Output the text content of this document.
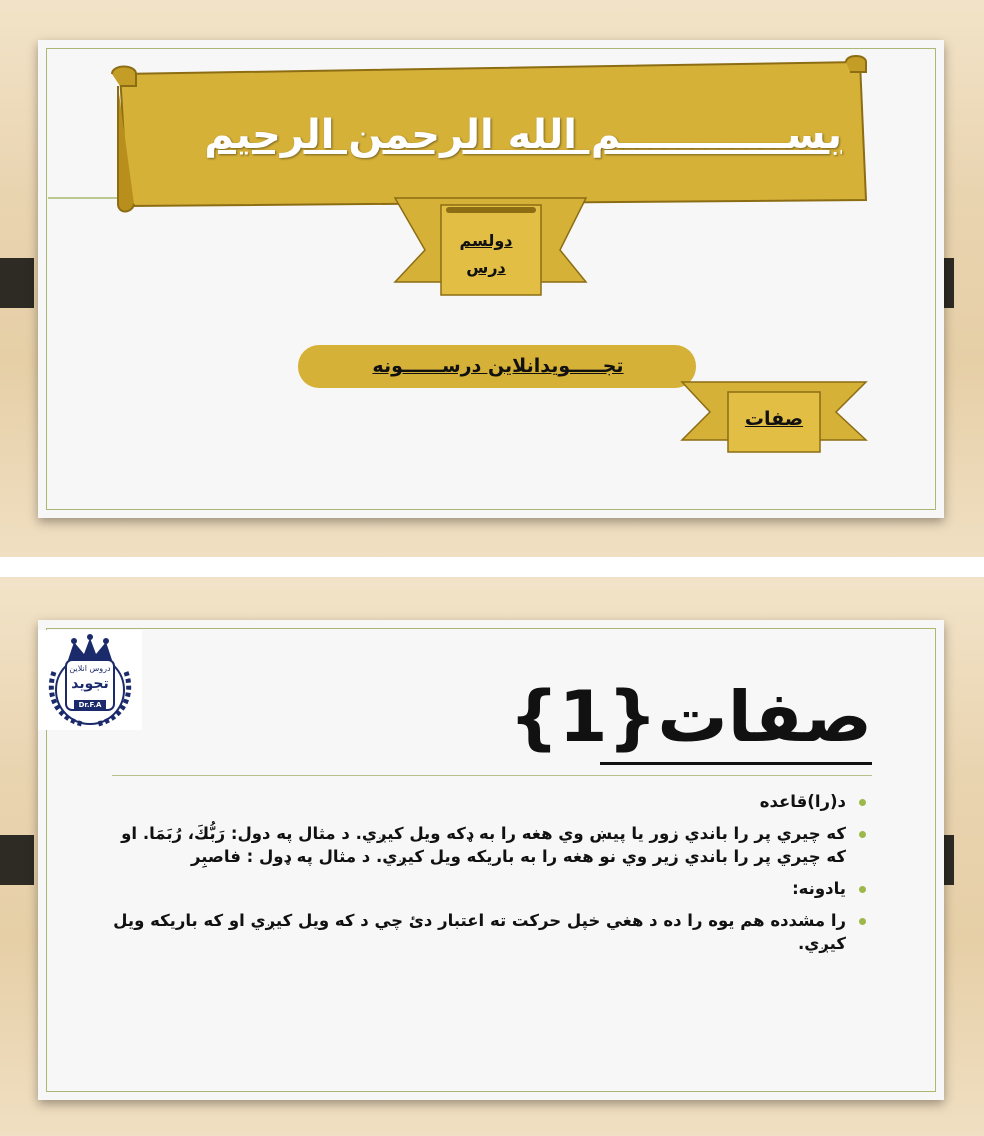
بســــــــــــم الله الرحمن الرحیم
دولسم
درس
تجـــــویدانلاین درســــــونه
صفات
دروس انلاين
تجويد
Dr.F.A	صفات{1}
د(را)قاعده
که چيري پر را باندي زور يا پيښ وي هغه را به ډکه ويل کيږي. د مثال په دول: رَبُّكَ، رُبَمَا. او که چيري پر را باندي زير وي نو هغه را به باريکه ويل کيږي. د مثال په ډول : فاصبِر
يادونه:
را مشدده هم يوه را ده د هغي خپل حرکت ته اعتبار دئ چي د که ويل کيږي او که باريکه ويل کيږي.
